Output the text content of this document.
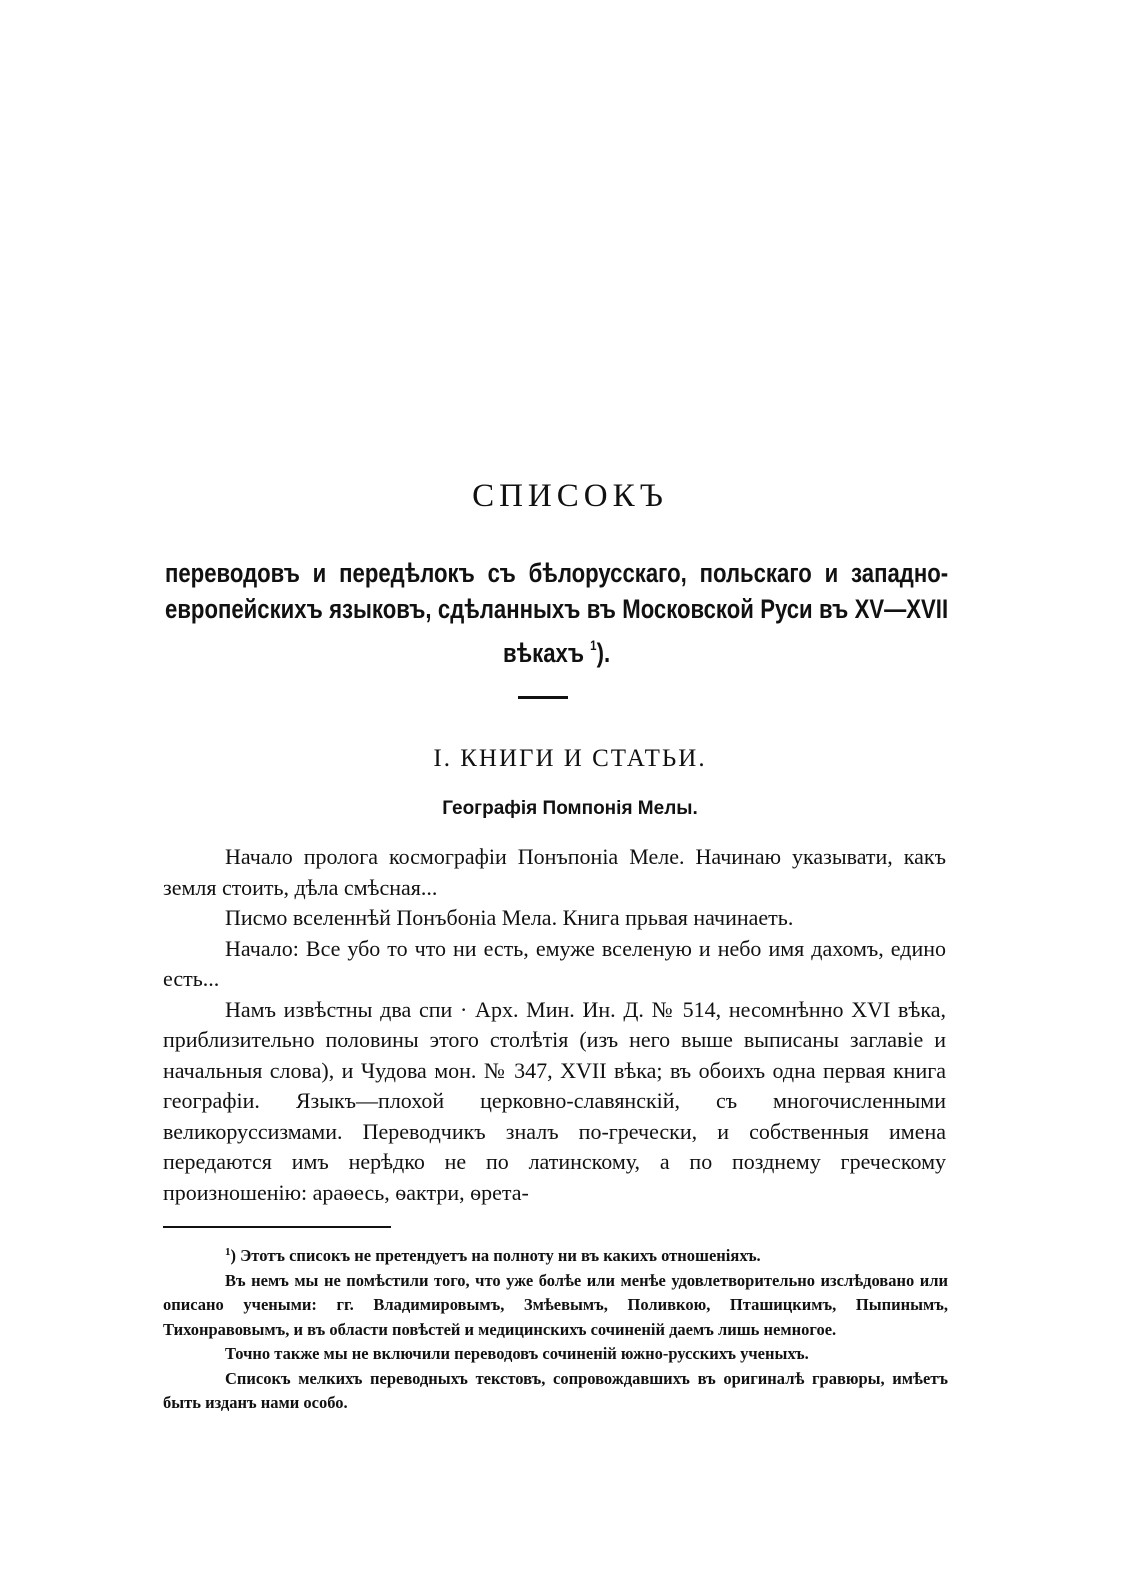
СПИСОКЪ
переводовъ и передѣлокъ съ бѣлорусскаго, польскаго и западно-европейскихъ языковъ, сдѣланныхъ въ Московской Руси въ XV—XVII вѣкахъ $^1$).
I. КНИГИ И СТАТЬИ.
Географія Помпонія Мелы.

Начало пролога космографіи Понъпоніа Меле. Начинаю указывати, какъ земля стоить, дѣла смѣсная...

Писмо вселеннѣй Понъбоніа Мела. Книга прьвая начинаеть.

Начало: Все убо то что ни есть, емуже вселеную и небо имя дахомъ, едино есть...

Намъ извѣстны два спи · Арх. Мин. Ин. Д. № 514, несомнѣнно XVI вѣка, приблизительно половины этого столѣтія (изъ него выше выписаны заглавіе и начальныя слова), и Чудова мон. № 347, XVII вѣка; въ обоихъ одна первая книга географіи. Языкъ—плохой церковно-славянскій, съ многочисленными великоруссизмами. Переводчикъ зналъ по-гречески, и собственныя имена передаются имъ нерѣдко не по латинскому, а по позднему греческому произношенію: араѳесь, ѳактри, ѳрета-

$^1$) Этотъ списокъ не претендуетъ на полноту ни въ какихъ отношеніяхъ.

Въ немъ мы не помѣстили того, что уже болѣе или менѣе удовлетворительно изслѣдовано или описано учеными: гг. Владимировымъ, Змѣевымъ, Поливкою, Пташицкимъ, Пыпинымъ, Тихонравовымъ, и въ области повѣстей и медицинскихъ сочиненій даемъ лишь немногое.

Точно также мы не включили переводовъ сочиненій южно-русскихъ ученыхъ.

Списокъ мелкихъ переводныхъ текстовъ, сопровождавшихъ въ оригиналѣ гравюры, имѣетъ быть изданъ нами особо.
